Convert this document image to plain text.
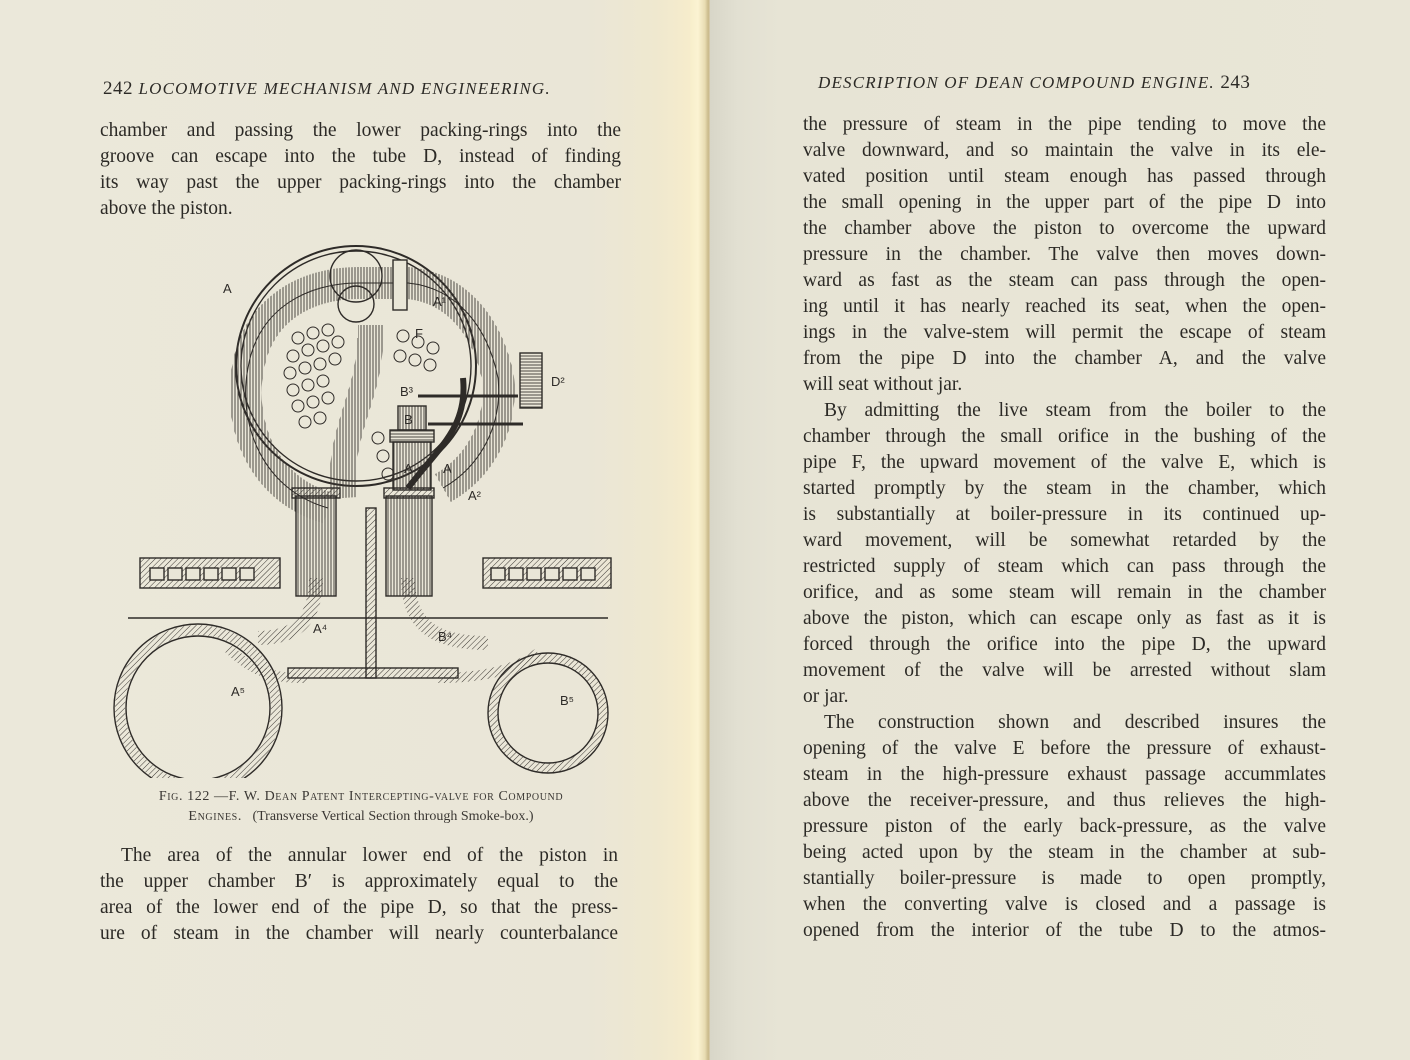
242 LOCOMOTIVE MECHANISM AND ENGINEERING.
chamber and passing the lower packing-rings into the
groove can escape into the tube D, instead of finding
its way past the upper packing-rings into the chamber
above the piston.
A
A¹
F
B³
B
A A
D²
A²
A⁴
B⁴
A⁵
B⁵
Fig. 122 —F. W. Dean Patent Intercepting-valve for Compound
Engines. (Transverse Vertical Section through Smoke-box.)
The area of the annular lower end of the piston in
the upper chamber B′ is approximately equal to the
area of the lower end of the pipe D, so that the press-
ure of steam in the chamber will nearly counterbalance
DESCRIPTION OF DEAN COMPOUND ENGINE. 243
the pressure of steam in the pipe tending to move the
valve downward, and so maintain the valve in its ele-
vated position until steam enough has passed through
the small opening in the upper part of the pipe D into
the chamber above the piston to overcome the upward
pressure in the chamber. The valve then moves down-
ward as fast as the steam can pass through the open-
ing until it has nearly reached its seat, when the open-
ings in the valve-stem will permit the escape of steam
from the pipe D into the chamber A, and the valve
will seat without jar.
By admitting the live steam from the boiler to the
chamber through the small orifice in the bushing of the
pipe F, the upward movement of the valve E, which is
started promptly by the steam in the chamber, which
is substantially at boiler-pressure in its continued up-
ward movement, will be somewhat retarded by the
restricted supply of steam which can pass through the
orifice, and as some steam will remain in the chamber
above the piston, which can escape only as fast as it is
forced through the orifice into the pipe D, the upward
movement of the valve will be arrested without slam
or jar.
The construction shown and described insures the
opening of the valve E before the pressure of exhaust-
steam in the high-pressure exhaust passage accummlates
above the receiver-pressure, and thus relieves the high-
pressure piston of the early back-pressure, as the valve
being acted upon by the steam in the chamber at sub-
stantially boiler-pressure is made to open promptly,
when the converting valve is closed and a passage is
opened from the interior of the tube D to the atmos-
